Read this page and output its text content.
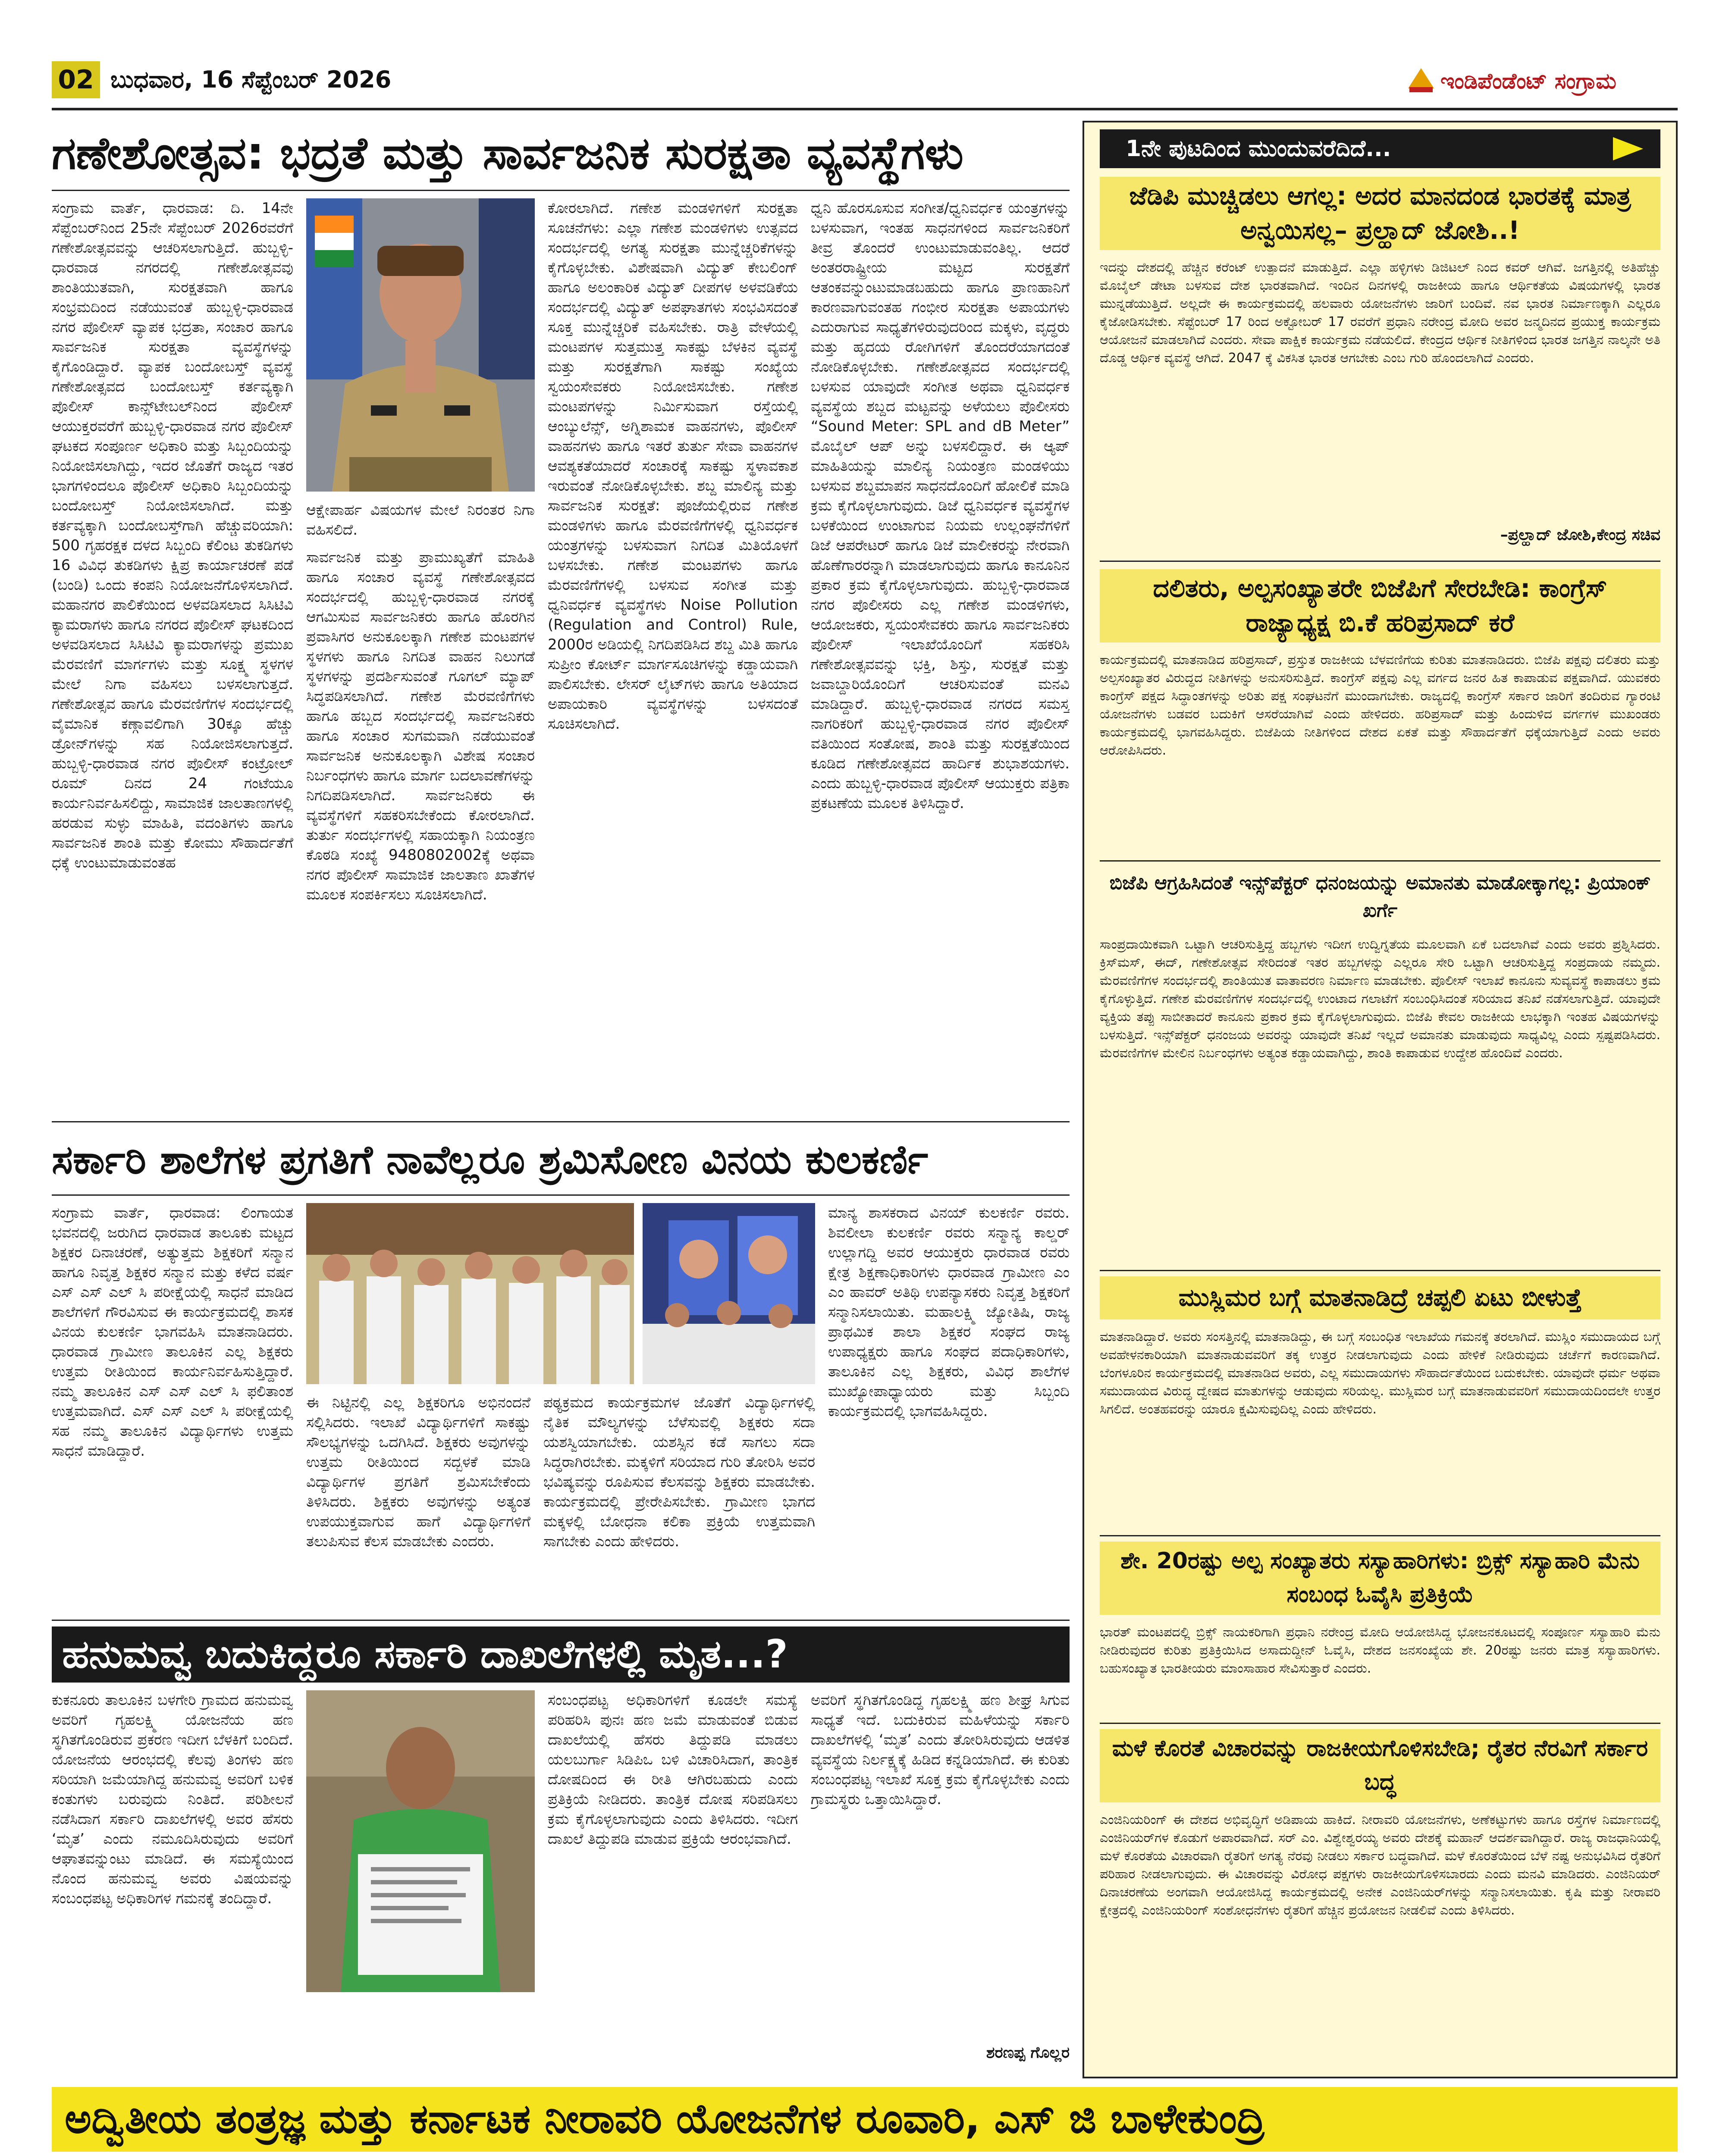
02 ಬುಧವಾರ, 16 ಸೆಪ್ಟೆಂಬರ್ 2026	ಇಂಡಿಪೆಂಡೆಂಟ್ ಸಂಗ್ರಾಮ
ಗಣೇಶೋತ್ಸವ: ಭದ್ರತೆ ಮತ್ತು ಸಾರ್ವಜನಿಕ ಸುರಕ್ಷತಾ ವ್ಯವಸ್ಥೆಗಳು
ಸಂಗ್ರಾಮ ವಾರ್ತೆ, ಧಾರವಾಡ: ದಿ. 14ನೇ ಸೆಪ್ಟೆಂಬರ್‌ನಿಂದ 25ನೇ ಸೆಪ್ಟೆಂಬರ್ 2026ರವರೆಗೆ ಗಣೇಶೋತ್ಸವವನ್ನು ಆಚರಿಸಲಾಗುತ್ತಿದೆ. ಹುಬ್ಬಳ್ಳಿ-ಧಾರವಾಡ ನಗರದಲ್ಲಿ ಗಣೇಶೋತ್ಸವವು ಶಾಂತಿಯುತವಾಗಿ, ಸುರಕ್ಷತವಾಗಿ ಹಾಗೂ ಸಂಭ್ರಮದಿಂದ ನಡೆಯುವಂತೆ ಹುಬ್ಬಳ್ಳಿ-ಧಾರವಾಡ ನಗರ ಪೊಲೀಸ್ ವ್ಯಾಪಕ ಭದ್ರತಾ, ಸಂಚಾರ ಹಾಗೂ ಸಾರ್ವಜನಿಕ ಸುರಕ್ಷತಾ ವ್ಯವಸ್ಥೆಗಳನ್ನು ಕೈಗೊಂಡಿದ್ದಾರೆ. ವ್ಯಾಪಕ ಬಂದೋಬಸ್ತ್ ವ್ಯವಸ್ಥೆ ಗಣೇಶೋತ್ಸವದ ಬಂದೋಬಸ್ತ್ ಕರ್ತವ್ಯಕ್ಕಾಗಿ ಪೊಲೀಸ್ ಕಾನ್ಸ್‌ಟೇಬಲ್‌ನಿಂದ ಪೊಲೀಸ್ ಆಯುಕ್ತರವರೆಗೆ ಹುಬ್ಬಳ್ಳಿ-ಧಾರವಾಡ ನಗರ ಪೊಲೀಸ್ ಘಟಕದ ಸಂಪೂರ್ಣ ಅಧಿಕಾರಿ ಮತ್ತು ಸಿಬ್ಬಂದಿಯನ್ನು ನಿಯೋಜಿಸಲಾಗಿದ್ದು, ಇದರ ಜೊತೆಗೆ ರಾಜ್ಯದ ಇತರ ಭಾಗಗಳಿಂದಲೂ ಪೊಲೀಸ್ ಅಧಿಕಾರಿ ಸಿಬ್ಬಂದಿಯನ್ನು ಬಂದೋಬಸ್ತ್ ನಿಯೋಜಿಸಲಾಗಿದೆ. ಮತ್ತು ಕರ್ತವ್ಯಕ್ಕಾಗಿ ಬಂದೋಬಸ್ತ್‌ಗಾಗಿ ಹೆಚ್ಚುವರಿಯಾಗಿ: 500 ಗೃಹರಕ್ಷಕ ದಳದ ಸಿಬ್ಬಂದಿ ಕೆಲಿಂಟ ತುಕಡಿಗಳು 16 ವಿವಿಧ ತುಕಡಿಗಳು ಕ್ಷಿಪ್ರ ಕಾರ್ಯಾಚರಣೆ ಪಡೆ (ಬಂಡಿ) ಒಂದು ಕಂಪನಿ ನಿಯೋಜನೆಗೊಳಿಸಲಾಗಿದೆ. ಮಹಾನಗರ ಪಾಲಿಕೆಯಿಂದ ಅಳವಡಿಸಲಾದ ಸಿಸಿಟಿವಿ ಕ್ಯಾಮರಾಗಳು ಹಾಗೂ ನಗರದ ಪೊಲೀಸ್ ಘಟಕದಿಂದ ಅಳವಡಿಸಲಾದ ಸಿಸಿಟಿವಿ ಕ್ಯಾಮರಾಗಳನ್ನು ಪ್ರಮುಖ ಮೆರವಣಿಗೆ ಮಾರ್ಗಗಳು ಮತ್ತು ಸೂಕ್ಷ್ಮ ಸ್ಥಳಗಳ ಮೇಲೆ ನಿಗಾ ವಹಿಸಲು ಬಳಸಲಾಗುತ್ತದೆ. ಗಣೇಶೋತ್ಸವ ಹಾಗೂ ಮೆರವಣಿಗೆಗಳ ಸಂದರ್ಭದಲ್ಲಿ ವೈಮಾನಿಕ ಕಣ್ಗಾವಲಿಗಾಗಿ 30ಕ್ಕೂ ಹೆಚ್ಚು ಡ್ರೋನ್‌ಗಳನ್ನು ಸಹ ನಿಯೋಜಿಸಲಾಗುತ್ತದೆ. ಹುಬ್ಬಳ್ಳಿ-ಧಾರವಾಡ ನಗರ ಪೊಲೀಸ್ ಕಂಟ್ರೋಲ್ ರೂಮ್ ದಿನದ 24 ಗಂಟೆಯೂ ಕಾರ್ಯನಿರ್ವಹಿಸಲಿದ್ದು, ಸಾಮಾಜಿಕ ಜಾಲತಾಣಗಳಲ್ಲಿ ಹರಡುವ ಸುಳ್ಳು ಮಾಹಿತಿ, ವದಂತಿಗಳು ಹಾಗೂ ಸಾರ್ವಜನಿಕ ಶಾಂತಿ ಮತ್ತು ಕೋಮು ಸೌಹಾರ್ದತೆಗೆ ಧಕ್ಕೆ ಉಂಟುಮಾಡುವಂತಹ
ಆಕ್ಷೇಪಾರ್ಹ ವಿಷಯಗಳ ಮೇಲೆ ನಿರಂತರ ನಿಗಾ ವಹಿಸಲಿದೆ.
ಸಾರ್ವಜನಿಕ ಮತ್ತು ಪ್ರಾಮುಖ್ಯತೆಗೆ ಮಾಹಿತಿ ಹಾಗೂ ಸಂಚಾರ ವ್ಯವಸ್ಥೆ ಗಣೇಶೋತ್ಸವದ ಸಂದರ್ಭದಲ್ಲಿ ಹುಬ್ಬಳ್ಳಿ-ಧಾರವಾಡ ನಗರಕ್ಕೆ ಆಗಮಿಸುವ ಸಾರ್ವಜನಿಕರು ಹಾಗೂ ಹೊರಗಿನ ಪ್ರವಾಸಿಗರ ಅನುಕೂಲಕ್ಕಾಗಿ ಗಣೇಶ ಮಂಟಪಗಳ ಸ್ಥಳಗಳು ಹಾಗೂ ನಿಗದಿತ ವಾಹನ ನಿಲುಗಡೆ ಸ್ಥಳಗಳನ್ನು ಪ್ರದರ್ಶಿಸುವಂತೆ ಗೂಗಲ್ ಮ್ಯಾಪ್ ಸಿದ್ಧಪಡಿಸಲಾಗಿದೆ. ಗಣೇಶ ಮೆರವಣಿಗೆಗಳು ಹಾಗೂ ಹಬ್ಬದ ಸಂದರ್ಭದಲ್ಲಿ ಸಾರ್ವಜನಿಕರು ಹಾಗೂ ಸಂಚಾರ ಸುಗಮವಾಗಿ ನಡೆಯುವಂತೆ ಸಾರ್ವಜನಿಕ ಅನುಕೂಲಕ್ಕಾಗಿ ವಿಶೇಷ ಸಂಚಾರ ನಿರ್ಬಂಧಗಳು ಹಾಗೂ ಮಾರ್ಗ ಬದಲಾವಣೆಗಳನ್ನು ನಿಗದಿಪಡಿಸಲಾಗಿದೆ. ಸಾರ್ವಜನಿಕರು ಈ ವ್ಯವಸ್ಥೆಗಳಿಗೆ ಸಹಕರಿಸಬೇಕೆಂದು ಕೋರಲಾಗಿದೆ. ತುರ್ತು ಸಂದರ್ಭಗಳಲ್ಲಿ ಸಹಾಯಕ್ಕಾಗಿ ನಿಯಂತ್ರಣ ಕೊಠಡಿ ಸಂಖ್ಯೆ 9480802002ಕ್ಕೆ ಅಥವಾ ನಗರ ಪೊಲೀಸ್ ಸಾಮಾಜಿಕ ಜಾಲತಾಣ ಖಾತೆಗಳ ಮೂಲಕ ಸಂಪರ್ಕಿಸಲು ಸೂಚಿಸಲಾಗಿದೆ.
ಕೋರಲಾಗಿದೆ. ಗಣೇಶ ಮಂಡಳಿಗಳಿಗೆ ಸುರಕ್ಷತಾ ಸೂಚನೆಗಳು: ಎಲ್ಲಾ ಗಣೇಶ ಮಂಡಳಿಗಳು ಉತ್ಸವದ ಸಂದರ್ಭದಲ್ಲಿ ಅಗತ್ಯ ಸುರಕ್ಷತಾ ಮುನ್ನೆಚ್ಚರಿಕೆಗಳನ್ನು ಕೈಗೊಳ್ಳಬೇಕು. ವಿಶೇಷವಾಗಿ ವಿದ್ಯುತ್ ಕೇಬಲಿಂಗ್ ಹಾಗೂ ಅಲಂಕಾರಿಕ ವಿದ್ಯುತ್ ದೀಪಗಳ ಅಳವಡಿಕೆಯ ಸಂದರ್ಭದಲ್ಲಿ ವಿದ್ಯುತ್ ಅಪಘಾತಗಳು ಸಂಭವಿಸದಂತೆ ಸೂಕ್ತ ಮುನ್ನೆಚ್ಚರಿಕೆ ವಹಿಸಬೇಕು. ರಾತ್ರಿ ವೇಳೆಯಲ್ಲಿ ಮಂಟಪಗಳ ಸುತ್ತಮುತ್ತ ಸಾಕಷ್ಟು ಬೆಳಕಿನ ವ್ಯವಸ್ಥೆ ಮತ್ತು ಸುರಕ್ಷತೆಗಾಗಿ ಸಾಕಷ್ಟು ಸಂಖ್ಯೆಯ ಸ್ವಯಂಸೇವಕರು ನಿಯೋಜಿಸಬೇಕು. ಗಣೇಶ ಮಂಟಪಗಳನ್ನು ನಿರ್ಮಿಸುವಾಗ ರಸ್ತೆಯಲ್ಲಿ ಆಂಬ್ಯುಲೆನ್ಸ್, ಅಗ್ನಿಶಾಮಕ ವಾಹನಗಳು, ಪೊಲೀಸ್ ವಾಹನಗಳು ಹಾಗೂ ಇತರೆ ತುರ್ತು ಸೇವಾ ವಾಹನಗಳ ಆವಶ್ಯಕತೆಯಾದರೆ ಸಂಚಾರಕ್ಕೆ ಸಾಕಷ್ಟು ಸ್ಥಳಾವಕಾಶ ಇರುವಂತೆ ನೋಡಿಕೊಳ್ಳಬೇಕು. ಶಬ್ದ ಮಾಲಿನ್ಯ ಮತ್ತು ಸಾರ್ವಜನಿಕ ಸುರಕ್ಷತೆ: ಪೂಜೆಯಲ್ಲಿರುವ ಗಣೇಶ ಮಂಡಳಿಗಳು ಹಾಗೂ ಮೆರವಣಿಗೆಗಳಲ್ಲಿ ಧ್ವನಿವರ್ಧಕ ಯಂತ್ರಗಳನ್ನು ಬಳಸುವಾಗ ನಿಗದಿತ ಮಿತಿಯೊಳಗೆ ಬಳಸಬೇಕು. ಗಣೇಶ ಮಂಟಪಗಳು ಹಾಗೂ ಮೆರವಣಿಗೆಗಳಲ್ಲಿ ಬಳಸುವ ಸಂಗೀತ ಮತ್ತು ಧ್ವನಿವರ್ಧಕ ವ್ಯವಸ್ಥೆಗಳು Noise Pollution (Regulation and Control) Rule, 2000ರ ಅಡಿಯಲ್ಲಿ ನಿಗದಿಪಡಿಸಿದ ಶಬ್ದ ಮಿತಿ ಹಾಗೂ ಸುಪ್ರೀಂ ಕೋರ್ಟ್ ಮಾರ್ಗಸೂಚಿಗಳನ್ನು ಕಡ್ಡಾಯವಾಗಿ ಪಾಲಿಸಬೇಕು. ಲೇಸರ್ ಲೈಟ್‌ಗಳು ಹಾಗೂ ಅತಿಯಾದ ಅಪಾಯಕಾರಿ ವ್ಯವಸ್ಥೆಗಳನ್ನು ಬಳಸದಂತೆ ಸೂಚಿಸಲಾಗಿದೆ.
ಧ್ವನಿ ಹೊರಸೂಸುವ ಸಂಗೀತ/ಧ್ವನಿವರ್ಧಕ ಯಂತ್ರಗಳನ್ನು ಬಳಸುವಾಗ, ಇಂತಹ ಸಾಧನಗಳಿಂದ ಸಾರ್ವಜನಿಕರಿಗೆ ತೀವ್ರ ತೊಂದರೆ ಉಂಟುಮಾಡುವಂತಿಲ್ಲ. ಆದರೆ ಅಂತರರಾಷ್ಟ್ರೀಯ ಮಟ್ಟದ ಸುರಕ್ಷತೆಗೆ ಆತಂಕವನ್ನುಂಟುಮಾಡಬಹುದು ಹಾಗೂ ಪ್ರಾಣಹಾನಿಗೆ ಕಾರಣವಾಗುವಂತಹ ಗಂಭೀರ ಸುರಕ್ಷತಾ ಅಪಾಯಗಳು ಎದುರಾಗುವ ಸಾಧ್ಯತೆಗಳಿರುವುದರಿಂದ ಮಕ್ಕಳು, ವೃದ್ಧರು ಮತ್ತು ಹೃದಯ ರೋಗಿಗಳಿಗೆ ತೊಂದರೆಯಾಗದಂತೆ ನೋಡಿಕೊಳ್ಳಬೇಕು. ಗಣೇಶೋತ್ಸವದ ಸಂದರ್ಭದಲ್ಲಿ ಬಳಸುವ ಯಾವುದೇ ಸಂಗೀತ ಅಥವಾ ಧ್ವನಿವರ್ಧಕ ವ್ಯವಸ್ಥೆಯ ಶಬ್ದದ ಮಟ್ಟವನ್ನು ಅಳೆಯಲು ಪೊಲೀಸರು “Sound Meter: SPL and dB Meter” ಮೊಬೈಲ್ ಆಪ್ ಅನ್ನು ಬಳಸಲಿದ್ದಾರೆ. ಈ ಆ್ಯಪ್ ಮಾಹಿತಿಯನ್ನು ಮಾಲಿನ್ಯ ನಿಯಂತ್ರಣ ಮಂಡಳಿಯು ಬಳಸುವ ಶಬ್ದಮಾಪನ ಸಾಧನದೊಂದಿಗೆ ಹೋಲಿಕೆ ಮಾಡಿ ಕ್ರಮ ಕೈಗೊಳ್ಳಲಾಗುವುದು. ಡಿಜೆ ಧ್ವನಿವರ್ಧಕ ವ್ಯವಸ್ಥೆಗಳ ಬಳಕೆಯಿಂದ ಉಂಟಾಗುವ ನಿಯಮ ಉಲ್ಲಂಘನೆಗಳಿಗೆ ಡಿಜೆ ಆಪರೇಟರ್ ಹಾಗೂ ಡಿಜೆ ಮಾಲೀಕರನ್ನು ನೇರವಾಗಿ ಹೊಣೆಗಾರರನ್ನಾಗಿ ಮಾಡಲಾಗುವುದು ಹಾಗೂ ಕಾನೂನಿನ ಪ್ರಕಾರ ಕ್ರಮ ಕೈಗೊಳ್ಳಲಾಗುವುದು. ಹುಬ್ಬಳ್ಳಿ-ಧಾರವಾಡ ನಗರ ಪೊಲೀಸರು ಎಲ್ಲ ಗಣೇಶ ಮಂಡಳಿಗಳು, ಆಯೋಜಕರು, ಸ್ವಯಂಸೇವಕರು ಹಾಗೂ ಸಾರ್ವಜನಿಕರು ಪೊಲೀಸ್ ಇಲಾಖೆಯೊಂದಿಗೆ ಸಹಕರಿಸಿ ಗಣೇಶೋತ್ಸವವನ್ನು ಭಕ್ತಿ, ಶಿಸ್ತು, ಸುರಕ್ಷತೆ ಮತ್ತು ಜವಾಬ್ದಾರಿಯೊಂದಿಗೆ ಆಚರಿಸುವಂತೆ ಮನವಿ ಮಾಡಿದ್ದಾರೆ. ಹುಬ್ಬಳ್ಳಿ-ಧಾರವಾಡ ನಗರದ ಸಮಸ್ತ ನಾಗರಿಕರಿಗೆ ಹುಬ್ಬಳ್ಳಿ-ಧಾರವಾಡ ನಗರ ಪೊಲೀಸ್ ವತಿಯಿಂದ ಸಂತೋಷ, ಶಾಂತಿ ಮತ್ತು ಸುರಕ್ಷತೆಯಿಂದ ಕೂಡಿದ ಗಣೇಶೋತ್ಸವದ ಹಾರ್ದಿಕ ಶುಭಾಶಯಗಳು. ಎಂದು ಹುಬ್ಬಳ್ಳಿ-ಧಾರವಾಡ ಪೊಲೀಸ್ ಆಯುಕ್ತರು ಪತ್ರಿಕಾ ಪ್ರಕಟಣೆಯ ಮೂಲಕ ತಿಳಿಸಿದ್ದಾರೆ.
ಸರ್ಕಾರಿ ಶಾಲೆಗಳ ಪ್ರಗತಿಗೆ ನಾವೆಲ್ಲರೂ ಶ್ರಮಿಸೋಣ ವಿನಯ ಕುಲಕರ್ಣಿ
ಸಂಗ್ರಾಮ ವಾರ್ತೆ, ಧಾರವಾಡ: ಲಿಂಗಾಯತ ಭವನದಲ್ಲಿ ಜರುಗಿದ ಧಾರವಾಡ ತಾಲೂಕು ಮಟ್ಟದ ಶಿಕ್ಷಕರ ದಿನಾಚರಣೆ, ಅತ್ಯುತ್ತಮ ಶಿಕ್ಷಕರಿಗೆ ಸನ್ಮಾನ ಹಾಗೂ ನಿವೃತ್ತ ಶಿಕ್ಷಕರ ಸನ್ಮಾನ ಮತ್ತು ಕಳೆದ ವರ್ಷ ಎಸ್ ಎಸ್ ಎಲ್ ಸಿ ಪರೀಕ್ಷೆಯಲ್ಲಿ ಸಾಧನೆ ಮಾಡಿದ ಶಾಲೆಗಳಿಗೆ ಗೌರವಿಸುವ ಈ ಕಾರ್ಯಕ್ರಮದಲ್ಲಿ ಶಾಸಕ ವಿನಯ ಕುಲಕರ್ಣಿ ಭಾಗವಹಿಸಿ ಮಾತನಾಡಿದರು. ಧಾರವಾಡ ಗ್ರಾಮೀಣ ತಾಲೂಕಿನ ಎಲ್ಲ ಶಿಕ್ಷಕರು ಉತ್ತಮ ರೀತಿಯಿಂದ ಕಾರ್ಯನಿರ್ವಹಿಸುತ್ತಿದ್ದಾರೆ. ನಮ್ಮ ತಾಲೂಕಿನ ಎಸ್ ಎಸ್ ಎಲ್ ಸಿ ಫಲಿತಾಂಶ ಉತ್ತಮವಾಗಿದೆ. ಎಸ್ ಎಸ್ ಎಲ್ ಸಿ ಪರೀಕ್ಷೆಯಲ್ಲಿ ಸಹ ನಮ್ಮ ತಾಲೂಕಿನ ವಿದ್ಯಾರ್ಥಿಗಳು ಉತ್ತಮ ಸಾಧನೆ ಮಾಡಿದ್ದಾರೆ.
ಈ ನಿಟ್ಟಿನಲ್ಲಿ ಎಲ್ಲ ಶಿಕ್ಷಕರಿಗೂ ಅಭಿನಂದನೆ ಸಲ್ಲಿಸಿದರು. ಇಲಾಖೆ ವಿದ್ಯಾರ್ಥಿಗಳಿಗೆ ಸಾಕಷ್ಟು ಸೌಲಭ್ಯಗಳನ್ನು ಒದಗಿಸಿದೆ. ಶಿಕ್ಷಕರು ಅವುಗಳನ್ನು ಉತ್ತಮ ರೀತಿಯಿಂದ ಸದ್ಬಳಕೆ ಮಾಡಿ ವಿದ್ಯಾರ್ಥಿಗಳ ಪ್ರಗತಿಗೆ ಶ್ರಮಿಸಬೇಕೆಂದು ತಿಳಿಸಿದರು. ಶಿಕ್ಷಕರು ಅವುಗಳನ್ನು ಅತ್ಯಂತ ಉಪಯುಕ್ತವಾಗುವ ಹಾಗೆ ವಿದ್ಯಾರ್ಥಿಗಳಿಗೆ ತಲುಪಿಸುವ ಕೆಲಸ ಮಾಡಬೇಕು ಎಂದರು.
ಪಠ್ಯಕ್ರಮದ ಕಾರ್ಯಕ್ರಮಗಳ ಜೊತೆಗೆ ವಿದ್ಯಾರ್ಥಿಗಳಲ್ಲಿ ನೈತಿಕ ಮೌಲ್ಯಗಳನ್ನು ಬೆಳೆಸುವಲ್ಲಿ ಶಿಕ್ಷಕರು ಸದಾ ಯಶಸ್ವಿಯಾಗಬೇಕು. ಯಶಸ್ಸಿನ ಕಡೆ ಸಾಗಲು ಸದಾ ಸಿದ್ಧರಾಗಿರಬೇಕು. ಮಕ್ಕಳಿಗೆ ಸರಿಯಾದ ಗುರಿ ತೋರಿಸಿ ಅವರ ಭವಿಷ್ಯವನ್ನು ರೂಪಿಸುವ ಕೆಲಸವನ್ನು ಶಿಕ್ಷಕರು ಮಾಡಬೇಕು. ಕಾರ್ಯಕ್ರಮದಲ್ಲಿ ಪ್ರೇರೇಪಿಸಬೇಕು. ಗ್ರಾಮೀಣ ಭಾಗದ ಮಕ್ಕಳಲ್ಲಿ ಬೋಧನಾ ಕಲಿಕಾ ಪ್ರಕ್ರಿಯೆ ಉತ್ತಮವಾಗಿ ಸಾಗಬೇಕು ಎಂದು ಹೇಳಿದರು.
ಮಾನ್ಯ ಶಾಸಕರಾದ ವಿನಯ್ ಕುಲಕರ್ಣಿ ರವರು. ಶಿವಲೀಲಾ ಕುಲಕರ್ಣಿ ರವರು ಸನ್ಮಾನ್ಯ ಕಾಲ್ಡರ್ ಉಲ್ಲಾಗದ್ದಿ ಅವರ ಆಯುಕ್ತರು ಧಾರವಾಡ ರವರು ಕ್ಷೇತ್ರ ಶಿಕ್ಷಣಾಧಿಕಾರಿಗಳು ಧಾರವಾಡ ಗ್ರಾಮೀಣ ಎಂ ಎಂ ಹಾವರ್ ಅತಿಥಿ ಉಪನ್ಯಾಸಕರು ನಿವೃತ್ತ ಶಿಕ್ಷಕರಿಗೆ ಸನ್ಮಾನಿಸಲಾಯಿತು. ಮಹಾಲಕ್ಷ್ಮಿ ಜ್ಯೋತಿಷಿ, ರಾಜ್ಯ ಪ್ರಾಥಮಿಕ ಶಾಲಾ ಶಿಕ್ಷಕರ ಸಂಘದ ರಾಜ್ಯ ಉಪಾಧ್ಯಕ್ಷರು ಹಾಗೂ ಸಂಘದ ಪದಾಧಿಕಾರಿಗಳು, ತಾಲೂಕಿನ ಎಲ್ಲ ಶಿಕ್ಷಕರು, ವಿವಿಧ ಶಾಲೆಗಳ ಮುಖ್ಯೋಪಾಧ್ಯಾಯರು ಮತ್ತು ಸಿಬ್ಬಂದಿ ಕಾರ್ಯಕ್ರಮದಲ್ಲಿ ಭಾಗವಹಿಸಿದ್ದರು.
ಹನುಮವ್ವ ಬದುಕಿದ್ದರೂ ಸರ್ಕಾರಿ ದಾಖಲೆಗಳಲ್ಲಿ ಮೃತ...?
ಕುಕನೂರು ತಾಲೂಕಿನ ಬಳಗೇರಿ ಗ್ರಾಮದ ಹನುಮವ್ವ ಅವರಿಗೆ ಗೃಹಲಕ್ಷ್ಮಿ ಯೋಜನೆಯ ಹಣ ಸ್ಥಗಿತಗೊಂಡಿರುವ ಪ್ರಕರಣ ಇದೀಗ ಬೆಳಕಿಗೆ ಬಂದಿದೆ. ಯೋಜನೆಯ ಆರಂಭದಲ್ಲಿ ಕೆಲವು ತಿಂಗಳು ಹಣ ಸರಿಯಾಗಿ ಜಮೆಯಾಗಿದ್ದ ಹನುಮವ್ವ ಅವರಿಗೆ ಬಳಿಕ ಕಂತುಗಳು ಬರುವುದು ನಿಂತಿದೆ. ಪರಿಶೀಲನೆ ನಡೆಸಿದಾಗ ಸರ್ಕಾರಿ ದಾಖಲೆಗಳಲ್ಲಿ ಅವರ ಹೆಸರು ‘ಮೃತ’ ಎಂದು ನಮೂದಿಸಿರುವುದು ಅವರಿಗೆ ಆಘಾತವನ್ನುಂಟು ಮಾಡಿದೆ. ಈ ಸಮಸ್ಯೆಯಿಂದ ನೊಂದ ಹನುಮವ್ವ ಅವರು ವಿಷಯವನ್ನು ಸಂಬಂಧಪಟ್ಟ ಅಧಿಕಾರಿಗಳ ಗಮನಕ್ಕೆ ತಂದಿದ್ದಾರೆ.
ಸಂಬಂಧಪಟ್ಟ ಅಧಿಕಾರಿಗಳಿಗೆ ಕೂಡಲೇ ಸಮಸ್ಯೆ ಪರಿಹರಿಸಿ ಪುನಃ ಹಣ ಜಮೆ ಮಾಡುವಂತೆ ಬಿಡುವ ದಾಖಲೆಯಲ್ಲಿ ಹೆಸರು ತಿದ್ದುಪಡಿ ಮಾಡಲು ಯಲಬುರ್ಗಾ ಸಿಡಿಪಿಒ ಬಳಿ ವಿಚಾರಿಸಿದಾಗ, ತಾಂತ್ರಿಕ ದೋಷದಿಂದ ಈ ರೀತಿ ಆಗಿರಬಹುದು ಎಂದು ಪ್ರತಿಕ್ರಿಯೆ ನೀಡಿದರು. ತಾಂತ್ರಿಕ ದೋಷ ಸರಿಪಡಿಸಲು ಕ್ರಮ ಕೈಗೊಳ್ಳಲಾಗುವುದು ಎಂದು ತಿಳಿಸಿದರು. ಇದೀಗ ದಾಖಲೆ ತಿದ್ದುಪಡಿ ಮಾಡುವ ಪ್ರಕ್ರಿಯೆ ಆರಂಭವಾಗಿದೆ.
ಅವರಿಗೆ ಸ್ಥಗಿತಗೊಂಡಿದ್ದ ಗೃಹಲಕ್ಷ್ಮಿ ಹಣ ಶೀಘ್ರ ಸಿಗುವ ಸಾಧ್ಯತೆ ಇದೆ. ಬದುಕಿರುವ ಮಹಿಳೆಯನ್ನು ಸರ್ಕಾರಿ ದಾಖಲೆಗಳಲ್ಲಿ ‘ಮೃತ’ ಎಂದು ತೋರಿಸಿರುವುದು ಆಡಳಿತ ವ್ಯವಸ್ಥೆಯ ನಿರ್ಲಕ್ಷ್ಯಕ್ಕೆ ಹಿಡಿದ ಕನ್ನಡಿಯಾಗಿದೆ. ಈ ಕುರಿತು ಸಂಬಂಧಪಟ್ಟ ಇಲಾಖೆ ಸೂಕ್ತ ಕ್ರಮ ಕೈಗೊಳ್ಳಬೇಕು ಎಂದು ಗ್ರಾಮಸ್ಥರು ಒತ್ತಾಯಿಸಿದ್ದಾರೆ.
ಶರಣಪ್ಪ ಗೊಲ್ಲರ
1ನೇ ಪುಟದಿಂದ ಮುಂದುವರೆದಿದೆ...
ಜೆಡಿಪಿ ಮುಚ್ಚಿಡಲು ಆಗಲ್ಲ: ಅದರ ಮಾನದಂಡ ಭಾರತಕ್ಕೆ ಮಾತ್ರ ಅನ್ವಯಿಸಲ್ಲ– ಪ್ರಲ್ಹಾದ್ ಜೋಶಿ..!
ಇದನ್ನು ದೇಶದಲ್ಲಿ ಹೆಚ್ಚಿನ ಕರೆಂಟ್ ಉತ್ಪಾದನೆ ಮಾಡುತ್ತಿದೆ. ಎಲ್ಲಾ ಹಳ್ಳಿಗಳು ಡಿಜಿಟಲ್ ನಿಂದ ಕವರ್ ಆಗಿವೆ. ಜಗತ್ತಿನಲ್ಲಿ ಅತಿಹೆಚ್ಚು ಮೊಬೈಲ್ ಡೇಟಾ ಬಳಸುವ ದೇಶ ಭಾರತವಾಗಿದೆ. ಇಂದಿನ ದಿನಗಳಲ್ಲಿ ರಾಜಕೀಯ ಹಾಗೂ ಆರ್ಥಿಕತೆಯ ವಿಷಯಗಳಲ್ಲಿ ಭಾರತ ಮುನ್ನಡೆಯುತ್ತಿದೆ. ಅಲ್ಲದೇ ಈ ಕಾರ್ಯಕ್ರಮದಲ್ಲಿ ಹಲವಾರು ಯೋಜನೆಗಳು ಜಾರಿಗೆ ಬಂದಿವೆ. ನವ ಭಾರತ ನಿರ್ಮಾಣಕ್ಕಾಗಿ ಎಲ್ಲರೂ ಕೈಜೋಡಿಸಬೇಕು. ಸೆಪ್ಟೆಂಬರ್ 17 ರಿಂದ ಅಕ್ಟೋಬರ್ 17 ರವರೆಗೆ ಪ್ರಧಾನಿ ನರೇಂದ್ರ ಮೋದಿ ಅವರ ಜನ್ಮದಿನದ ಪ್ರಯುಕ್ತ ಕಾರ್ಯಕ್ರಮ ಆಯೋಜನೆ ಮಾಡಲಾಗಿದೆ ಎಂದರು. ಸೇವಾ ಪಾಕ್ಷಿಕ ಕಾರ್ಯಕ್ರಮ ನಡೆಯಲಿದೆ. ಕೇಂದ್ರದ ಆರ್ಥಿಕ ನೀತಿಗಳಿಂದ ಭಾರತ ಜಗತ್ತಿನ ನಾಲ್ಕನೇ ಅತಿ ದೊಡ್ಡ ಆರ್ಥಿಕ ವ್ಯವಸ್ಥೆ ಆಗಿದೆ. 2047 ಕ್ಕೆ ವಿಕಸಿತ ಭಾರತ ಆಗಬೇಕು ಎಂಬ ಗುರಿ ಹೊಂದಲಾಗಿದೆ ಎಂದರು.
–ಪ್ರಲ್ಹಾದ್ ಜೋಶಿ,ಕೇಂದ್ರ ಸಚಿವ
ದಲಿತರು, ಅಲ್ಪಸಂಖ್ಯಾತರೇ ಬಿಜೆಪಿಗೆ ಸೇರಬೇಡಿ: ಕಾಂಗ್ರೆಸ್ ರಾಜ್ಯಾಧ್ಯಕ್ಷ ಬಿ.ಕೆ ಹರಿಪ್ರಸಾದ್ ಕರೆ
ಕಾರ್ಯಕ್ರಮದಲ್ಲಿ ಮಾತನಾಡಿದ ಹರಿಪ್ರಸಾದ್, ಪ್ರಸ್ತುತ ರಾಜಕೀಯ ಬೆಳವಣಿಗೆಯ ಕುರಿತು ಮಾತನಾಡಿದರು. ಬಿಜೆಪಿ ಪಕ್ಷವು ದಲಿತರು ಮತ್ತು ಅಲ್ಪಸಂಖ್ಯಾತರ ವಿರುದ್ಧದ ನೀತಿಗಳನ್ನು ಅನುಸರಿಸುತ್ತಿದೆ. ಕಾಂಗ್ರೆಸ್ ಪಕ್ಷವು ಎಲ್ಲ ವರ್ಗದ ಜನರ ಹಿತ ಕಾಪಾಡುವ ಪಕ್ಷವಾಗಿದೆ. ಯುವಕರು ಕಾಂಗ್ರೆಸ್ ಪಕ್ಷದ ಸಿದ್ಧಾಂತಗಳನ್ನು ಅರಿತು ಪಕ್ಷ ಸಂಘಟನೆಗೆ ಮುಂದಾಗಬೇಕು. ರಾಜ್ಯದಲ್ಲಿ ಕಾಂಗ್ರೆಸ್ ಸರ್ಕಾರ ಜಾರಿಗೆ ತಂದಿರುವ ಗ್ಯಾರಂಟಿ ಯೋಜನೆಗಳು ಬಡವರ ಬದುಕಿಗೆ ಆಸರೆಯಾಗಿವೆ ಎಂದು ಹೇಳಿದರು. ಹರಿಪ್ರಸಾದ್ ಮತ್ತು ಹಿಂದುಳಿದ ವರ್ಗಗಳ ಮುಖಂಡರು ಕಾರ್ಯಕ್ರಮದಲ್ಲಿ ಭಾಗವಹಿಸಿದ್ದರು. ಬಿಜೆಪಿಯ ನೀತಿಗಳಿಂದ ದೇಶದ ಏಕತೆ ಮತ್ತು ಸೌಹಾರ್ದತೆಗೆ ಧಕ್ಕೆಯಾಗುತ್ತಿದೆ ಎಂದು ಅವರು ಆರೋಪಿಸಿದರು.
ಬಿಜೆಪಿ ಆಗ್ರಹಿಸಿದಂತೆ ಇನ್ಸ್‌ಪೆಕ್ಟರ್ ಧನಂಜಯನ್ನು ಅಮಾನತು ಮಾಡೋಕ್ಕಾಗಲ್ಲ: ಪ್ರಿಯಾಂಕ್ ಖರ್ಗೆ
ಸಾಂಪ್ರದಾಯಿಕವಾಗಿ ಒಟ್ಟಾಗಿ ಆಚರಿಸುತ್ತಿದ್ದ ಹಬ್ಬಗಳು ಇದೀಗ ಉದ್ವಿಗ್ನತೆಯ ಮೂಲವಾಗಿ ಏಕೆ ಬದಲಾಗಿವೆ ಎಂದು ಅವರು ಪ್ರಶ್ನಿಸಿದರು. ಕ್ರಿಸ್‌ಮಸ್, ಈದ್, ಗಣೇಶೋತ್ಸವ ಸೇರಿದಂತೆ ಇತರ ಹಬ್ಬಗಳನ್ನು ಎಲ್ಲರೂ ಸೇರಿ ಒಟ್ಟಾಗಿ ಆಚರಿಸುತ್ತಿದ್ದ ಸಂಪ್ರದಾಯ ನಮ್ಮದು. ಮೆರವಣಿಗೆಗಳ ಸಂದರ್ಭದಲ್ಲಿ ಶಾಂತಿಯುತ ವಾತಾವರಣ ನಿರ್ಮಾಣ ಮಾಡಬೇಕು. ಪೊಲೀಸ್ ಇಲಾಖೆ ಕಾನೂನು ಸುವ್ಯವಸ್ಥೆ ಕಾಪಾಡಲು ಕ್ರಮ ಕೈಗೊಳ್ಳುತ್ತಿದೆ. ಗಣೇಶ ಮೆರವಣಿಗೆಗಳ ಸಂದರ್ಭದಲ್ಲಿ ಉಂಟಾದ ಗಲಾಟೆಗೆ ಸಂಬಂಧಿಸಿದಂತೆ ಸರಿಯಾದ ತನಿಖೆ ನಡೆಸಲಾಗುತ್ತಿದೆ. ಯಾವುದೇ ವ್ಯಕ್ತಿಯ ತಪ್ಪು ಸಾಬೀತಾದರೆ ಕಾನೂನು ಪ್ರಕಾರ ಕ್ರಮ ಕೈಗೊಳ್ಳಲಾಗುವುದು. ಬಿಜೆಪಿ ಕೇವಲ ರಾಜಕೀಯ ಲಾಭಕ್ಕಾಗಿ ಇಂತಹ ವಿಷಯಗಳನ್ನು ಬಳಸುತ್ತಿದೆ. ಇನ್ಸ್‌ಪೆಕ್ಟರ್ ಧನಂಜಯ ಅವರನ್ನು ಯಾವುದೇ ತನಿಖೆ ಇಲ್ಲದೆ ಅಮಾನತು ಮಾಡುವುದು ಸಾಧ್ಯವಿಲ್ಲ ಎಂದು ಸ್ಪಷ್ಟಪಡಿಸಿದರು. ಮೆರವಣಿಗೆಗಳ ಮೇಲಿನ ನಿರ್ಬಂಧಗಳು ಅತ್ಯಂತ ಕಡ್ಡಾಯವಾಗಿದ್ದು, ಶಾಂತಿ ಕಾಪಾಡುವ ಉದ್ದೇಶ ಹೊಂದಿವೆ ಎಂದರು.
ಮುಸ್ಲಿಮರ ಬಗ್ಗೆ ಮಾತನಾಡಿದ್ರೆ ಚಪ್ಪಲಿ ಏಟು ಬೀಳುತ್ತೆ
ಮಾತನಾಡಿದ್ದಾರೆ. ಅವರು ಸಂಸತ್ತಿನಲ್ಲಿ ಮಾತನಾಡಿದ್ದು, ಈ ಬಗ್ಗೆ ಸಂಬಂಧಿತ ಇಲಾಖೆಯ ಗಮನಕ್ಕೆ ತರಲಾಗಿದೆ. ಮುಸ್ಲಿಂ ಸಮುದಾಯದ ಬಗ್ಗೆ ಅವಹೇಳನಕಾರಿಯಾಗಿ ಮಾತನಾಡುವವರಿಗೆ ತಕ್ಕ ಉತ್ತರ ನೀಡಲಾಗುವುದು ಎಂದು ಹೇಳಿಕೆ ನೀಡಿರುವುದು ಚರ್ಚೆಗೆ ಕಾರಣವಾಗಿದೆ. ಬೆಂಗಳೂರಿನ ಕಾರ್ಯಕ್ರಮದಲ್ಲಿ ಮಾತನಾಡಿದ ಅವರು, ಎಲ್ಲ ಸಮುದಾಯಗಳು ಸೌಹಾರ್ದತೆಯಿಂದ ಬದುಕಬೇಕು. ಯಾವುದೇ ಧರ್ಮ ಅಥವಾ ಸಮುದಾಯದ ವಿರುದ್ಧ ದ್ವೇಷದ ಮಾತುಗಳನ್ನು ಆಡುವುದು ಸರಿಯಲ್ಲ. ಮುಸ್ಲಿಮರ ಬಗ್ಗೆ ಮಾತನಾಡುವವರಿಗೆ ಸಮುದಾಯದಿಂದಲೇ ಉತ್ತರ ಸಿಗಲಿದೆ. ಅಂತಹವರನ್ನು ಯಾರೂ ಕ್ಷಮಿಸುವುದಿಲ್ಲ ಎಂದು ಹೇಳಿದರು.
ಶೇ. 20ರಷ್ಟು ಅಲ್ಪ ಸಂಖ್ಯಾತರು ಸಸ್ಯಾಹಾರಿಗಳು: ಬ್ರಿಕ್ಸ್ ಸಸ್ಯಾಹಾರಿ ಮೆನು ಸಂಬಂಧ ಓವೈಸಿ ಪ್ರತಿಕ್ರಿಯೆ
ಭಾರತ್ ಮಂಟಪದಲ್ಲಿ ಬ್ರಿಕ್ಸ್ ನಾಯಕರಿಗಾಗಿ ಪ್ರಧಾನಿ ನರೇಂದ್ರ ಮೋದಿ ಆಯೋಜಿಸಿದ್ದ ಭೋಜನಕೂಟದಲ್ಲಿ ಸಂಪೂರ್ಣ ಸಸ್ಯಾಹಾರಿ ಮೆನು ನೀಡಿರುವುದರ ಕುರಿತು ಪ್ರತಿಕ್ರಿಯಿಸಿದ ಅಸಾದುದ್ದೀನ್ ಓವೈಸಿ, ದೇಶದ ಜನಸಂಖ್ಯೆಯ ಶೇ. 20ರಷ್ಟು ಜನರು ಮಾತ್ರ ಸಸ್ಯಾಹಾರಿಗಳು. ಬಹುಸಂಖ್ಯಾತ ಭಾರತೀಯರು ಮಾಂಸಾಹಾರ ಸೇವಿಸುತ್ತಾರೆ ಎಂದರು.
ಮಳೆ ಕೊರತೆ ವಿಚಾರವನ್ನು ರಾಜಕೀಯಗೊಳಿಸಬೇಡಿ; ರೈತರ ನೆರವಿಗೆ ಸರ್ಕಾರ ಬದ್ಧ
ಎಂಜಿನಿಯರಿಂಗ್ ಈ ದೇಶದ ಅಭಿವೃದ್ಧಿಗೆ ಅಡಿಪಾಯ ಹಾಕಿದೆ. ನೀರಾವರಿ ಯೋಜನೆಗಳು, ಅಣೆಕಟ್ಟುಗಳು ಹಾಗೂ ರಸ್ತೆಗಳ ನಿರ್ಮಾಣದಲ್ಲಿ ಎಂಜಿನಿಯರ್‌ಗಳ ಕೊಡುಗೆ ಅಪಾರವಾಗಿದೆ. ಸರ್ ಎಂ. ವಿಶ್ವೇಶ್ವರಯ್ಯ ಅವರು ದೇಶಕ್ಕೆ ಮಹಾನ್ ಆದರ್ಶವಾಗಿದ್ದಾರೆ. ರಾಜ್ಯ ರಾಜಧಾನಿಯಲ್ಲಿ ಮಳೆ ಕೊರತೆಯ ವಿಚಾರವಾಗಿ ರೈತರಿಗೆ ಅಗತ್ಯ ನೆರವು ನೀಡಲು ಸರ್ಕಾರ ಬದ್ಧವಾಗಿದೆ. ಮಳೆ ಕೊರತೆಯಿಂದ ಬೆಳೆ ನಷ್ಟ ಅನುಭವಿಸಿದ ರೈತರಿಗೆ ಪರಿಹಾರ ನೀಡಲಾಗುವುದು. ಈ ವಿಚಾರವನ್ನು ವಿರೋಧ ಪಕ್ಷಗಳು ರಾಜಕೀಯಗೊಳಿಸಬಾರದು ಎಂದು ಮನವಿ ಮಾಡಿದರು. ಎಂಜಿನಿಯರ್ ದಿನಾಚರಣೆಯ ಅಂಗವಾಗಿ ಆಯೋಜಿಸಿದ್ದ ಕಾರ್ಯಕ್ರಮದಲ್ಲಿ ಅನೇಕ ಎಂಜಿನಿಯರ್‌ಗಳನ್ನು ಸನ್ಮಾನಿಸಲಾಯಿತು. ಕೃಷಿ ಮತ್ತು ನೀರಾವರಿ ಕ್ಷೇತ್ರದಲ್ಲಿ ಎಂಜಿನಿಯರಿಂಗ್ ಸಂಶೋಧನೆಗಳು ರೈತರಿಗೆ ಹೆಚ್ಚಿನ ಪ್ರಯೋಜನ ನೀಡಲಿವೆ ಎಂದು ತಿಳಿಸಿದರು.
ಅದ್ವಿತೀಯ ತಂತ್ರಜ್ಞ ಮತ್ತು ಕರ್ನಾಟಕ ನೀರಾವರಿ ಯೋಜನೆಗಳ ರೂವಾರಿ, ಎಸ್ ಜಿ ಬಾಳೇಕುಂದ್ರಿ
